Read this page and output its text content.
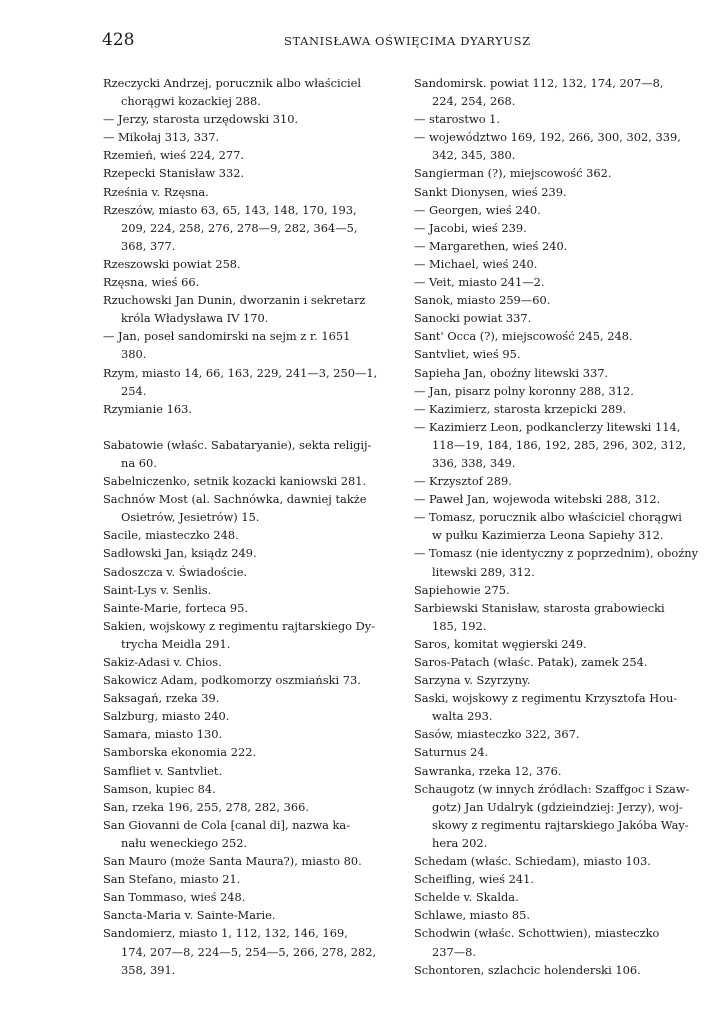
428	STANISŁAWA OŚWIĘCIMA DYARYUSZ
Rzeczycki Andrzej, porucznik albo właściciel
chorągwi kozackiej 288.
— Jerzy, starosta urzędowski 310.
— Mikołaj 313, 337.
Rzemień, wieś 224, 277.
Rzepecki Stanisław 332.
Rześnia v. Rzęsna.
Rzeszów, miasto 63, 65, 143, 148, 170, 193,
209, 224, 258, 276, 278—9, 282, 364—5,
368, 377.
Rzeszowski powiat 258.
Rzęsna, wieś 66.
Rzuchowski Jan Dunin, dworzanin i sekretarz
króla Władysława IV 170.
— Jan, poseł sandomirski na sejm z r. 1651
380.
Rzym, miasto 14, 66, 163, 229, 241—3, 250—1,
254.
Rzymianie 163.
Sabatowie (właśc. Sabataryanie), sekta religij-
na 60.
Sabelniczenko, setnik kozacki kaniowski 281.
Sachnów Most (al. Sachnówka, dawniej także
Osietrów, Jesietrów) 15.
Sacile, miasteczko 248.
Sadłowski Jan, ksiądz 249.
Sadoszcza v. Świadoście.
Saint-Lys v. Senlis.
Sainte-Marie, forteca 95.
Sakien, wojskowy z regimentu rajtarskiego Dy-
trycha Meidla 291.
Sakiz-Adasi v. Chios.
Sakowicz Adam, podkomorzy oszmiański 73.
Saksagań, rzeka 39.
Salzburg, miasto 240.
Samara, miasto 130.
Samborska ekonomia 222.
Samfliet v. Santvliet.
Samson, kupiec 84.
San, rzeka 196, 255, 278, 282, 366.
San Giovanni de Cola [canal di], nazwa ka-
nału weneckiego 252.
San Mauro (może Santa Maura?), miasto 80.
San Stefano, miasto 21.
San Tommaso, wieś 248.
Sancta-Maria v. Sainte-Marie.
Sandomierz, miasto 1, 112, 132, 146, 169,
174, 207—8, 224—5, 254—5, 266, 278, 282,
358, 391.
Sandomirsk. powiat 112, 132, 174, 207—8,
224, 254, 268.
— starostwo 1.
— województwo 169, 192, 266, 300, 302, 339,
342, 345, 380.
Sangierman (?), miejscowość 362.
Sankt Dionysen, wieś 239.
— Georgen, wieś 240.
— Jacobi, wieś 239.
— Margarethen, wieś 240.
— Michael, wieś 240.
— Veit, miasto 241—2.
Sanok, miasto 259—60.
Sanocki powiat 337.
Sant' Occa (?), miejscowość 245, 248.
Santvliet, wieś 95.
Sapieha Jan, oboźny litewski 337.
— Jan, pisarz polny koronny 288, 312.
— Kazimierz, starosta krzepicki 289.
— Kazimierz Leon, podkanclerzy litewski 114,
118—19, 184, 186, 192, 285, 296, 302, 312,
336, 338, 349.
— Krzysztof 289.
— Paweł Jan, wojewoda witebski 288, 312.
— Tomasz, porucznik albo właściciel chorągwi
w pułku Kazimierza Leona Sapiehy 312.
— Tomasz (nie identyczny z poprzednim), oboźny
litewski 289, 312.
Sapiehowie 275.
Sarbiewski Stanisław, starosta grabowiecki
185, 192.
Saros, komitat węgierski 249.
Saros-Patach (właśc. Patak), zamek 254.
Sarzyna v. Szyrzyny.
Saski, wojskowy z regimentu Krzysztofa Hou-
walta 293.
Sasów, miasteczko 322, 367.
Saturnus 24.
Sawranka, rzeka 12, 376.
Schaugotz (w innych źródłach: Szaffgoc i Szaw-
gotz) Jan Udalryk (gdzieindziej: Jerzy), woj-
skowy z regimentu rajtarskiego Jakóba Way-
hera 202.
Schedam (właśc. Schiedam), miasto 103.
Scheifling, wieś 241.
Schelde v. Skalda.
Schlawe, miasto 85.
Schodwin (właśc. Schottwien), miasteczko
237—8.
Schontoren, szlachcic holenderski 106.
